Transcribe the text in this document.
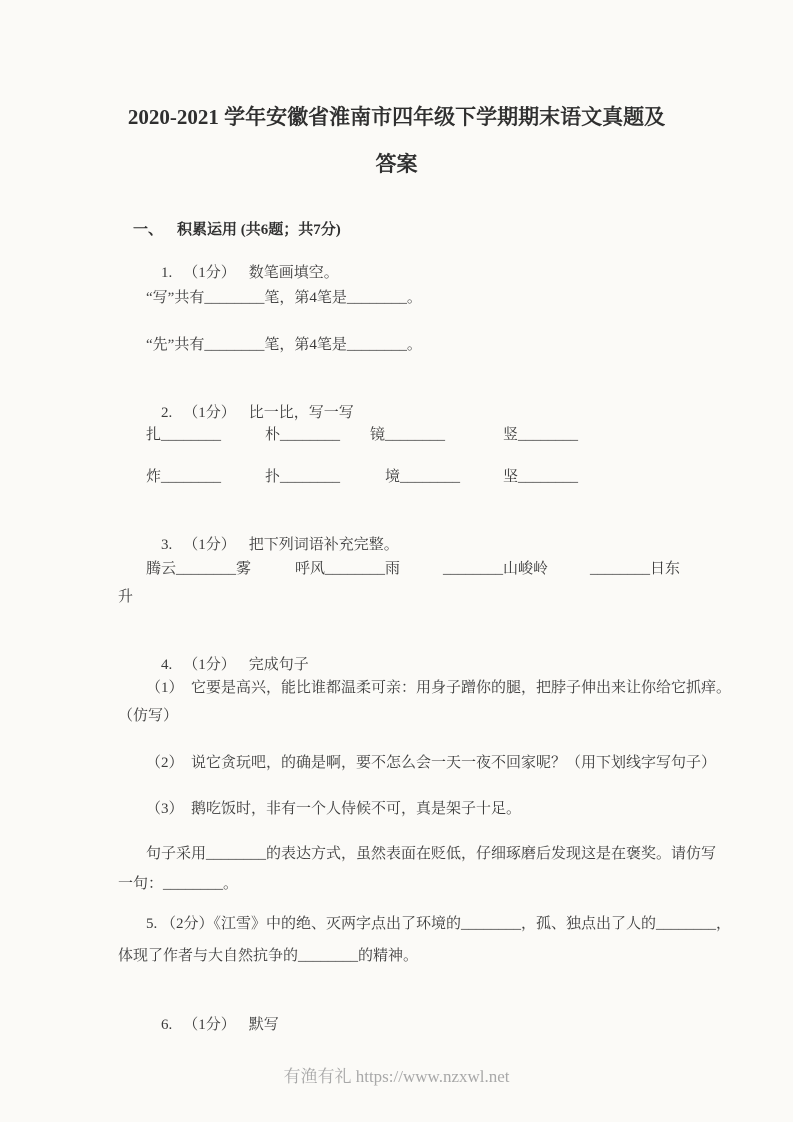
2020-2021 学年安徽省淮南市四年级下学期期末语文真题及
答案

一、 积累运用 (共6题；共7分)

1. （1分） 数笔画填空。

“写”共有________笔，第4笔是________。
“先”共有________笔，第4笔是________。

2. （1分） 比一比，写一写

扎________	朴________ 镜________	竖________
炸________	扑________	境________	坚________

3. （1分） 把下列词语补充完整。

腾云________雾	呼风________雨	________山峻岭	________日东
升

4. （1分） 完成句子

（1）  它要是高兴，能比谁都温柔可亲：用身子蹭你的腿，把脖子伸出来让你给它抓痒。
（仿写）
（2）  说它贪玩吧，的确是啊，要不怎么会一天一夜不回家呢？（用下划线字写句子）
（3）  鹅吃饭时，非有一个人侍候不可，真是架子十足。
句子采用________的表达方式，虽然表面在贬低，仔细琢磨后发现这是在褒奖。请仿写
一句：________。
5. （2分）《江雪》中的绝、灭两字点出了环境的________，孤、独点出了人的________，
体现了作者与大自然抗争的________的精神。

6. （1分） 默写

有渔有礼 https://www.nzxwl.net
